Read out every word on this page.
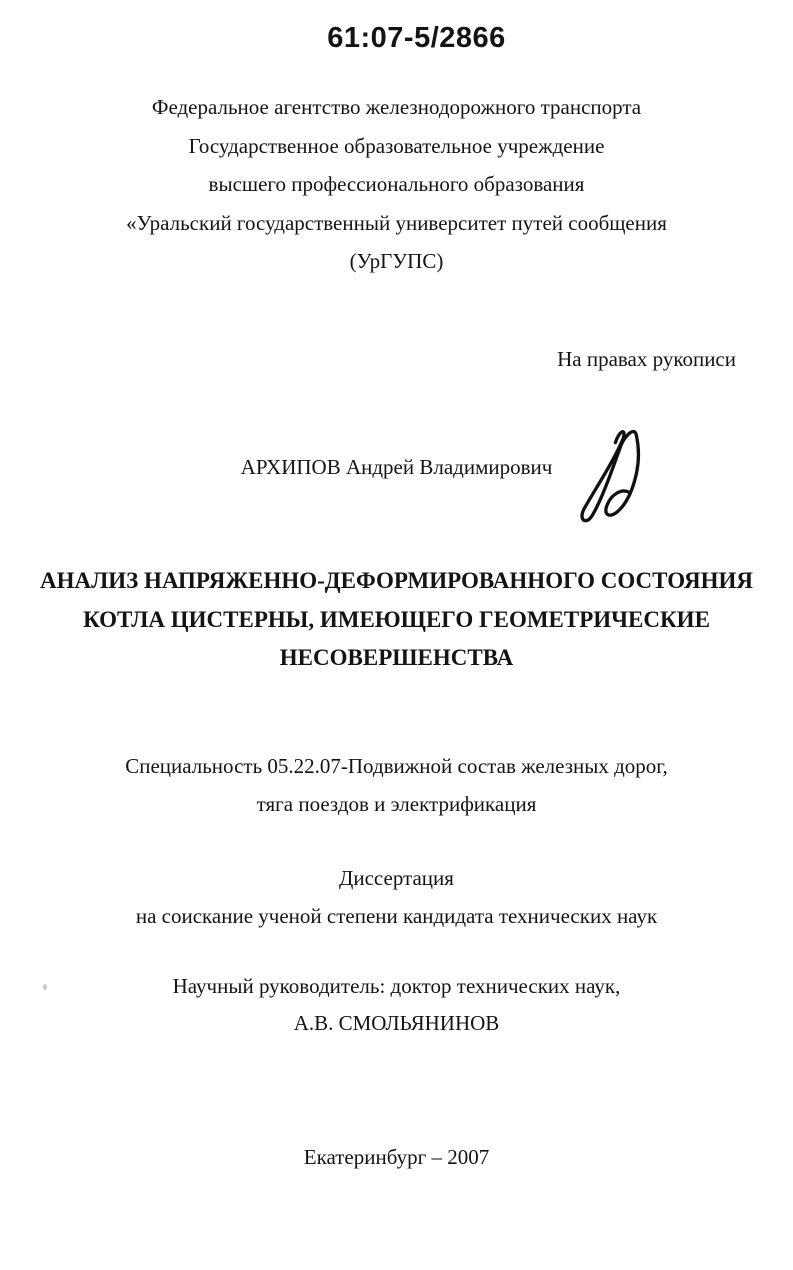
61:07-5/2866
Федеральное агентство железнодорожного транспорта
Государственное образовательное учреждение
высшего профессионального образования
«Уральский государственный университет путей сообщения
(УрГУПС)
На правах рукописи
АРХИПОВ Андрей Владимирович
АНАЛИЗ НАПРЯЖЕННО-ДЕФОРМИРОВАННОГО СОСТОЯНИЯ
КОТЛА ЦИСТЕРНЫ, ИМЕЮЩЕГО ГЕОМЕТРИЧЕСКИЕ
НЕСОВЕРШЕНСТВА
Специальность 05.22.07-Подвижной состав железных дорог,
тяга поездов и электрификация
Диссертация
на соискание ученой степени кандидата технических наук
Научный руководитель: доктор технических наук,
А.В. СМОЛЬЯНИНОВ
Екатеринбург – 2007
